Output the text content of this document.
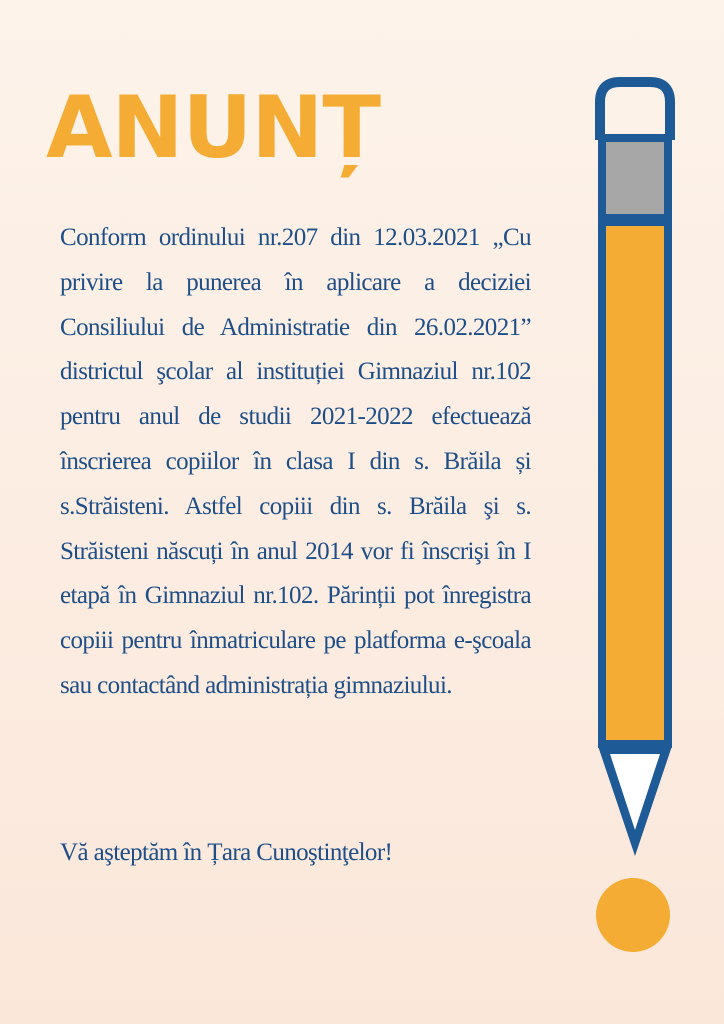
ANUNȚ

Conform ordinului nr.207 din 12.03.2021 „Cu privire la punerea în aplicare a deciziei Consiliului de Administratie din 26.02.2021” districtul şcolar al instituției Gimnaziul nr.102 pentru anul de studii 2021-2022 efectuează înscrierea copiilor în clasa I din s. Brăila și s.Străisteni. Astfel copiii din s. Brăila şi s. Străisteni născuți în anul 2014 vor fi înscrişi în I etapă în Gimnaziul nr.102. Părinții pot înregistra copiii pentru înmatriculare pe platforma e-şcoala sau contactând administrația gimnaziului.

Vă aşteptăm în Țara Cunoştinţelor!
